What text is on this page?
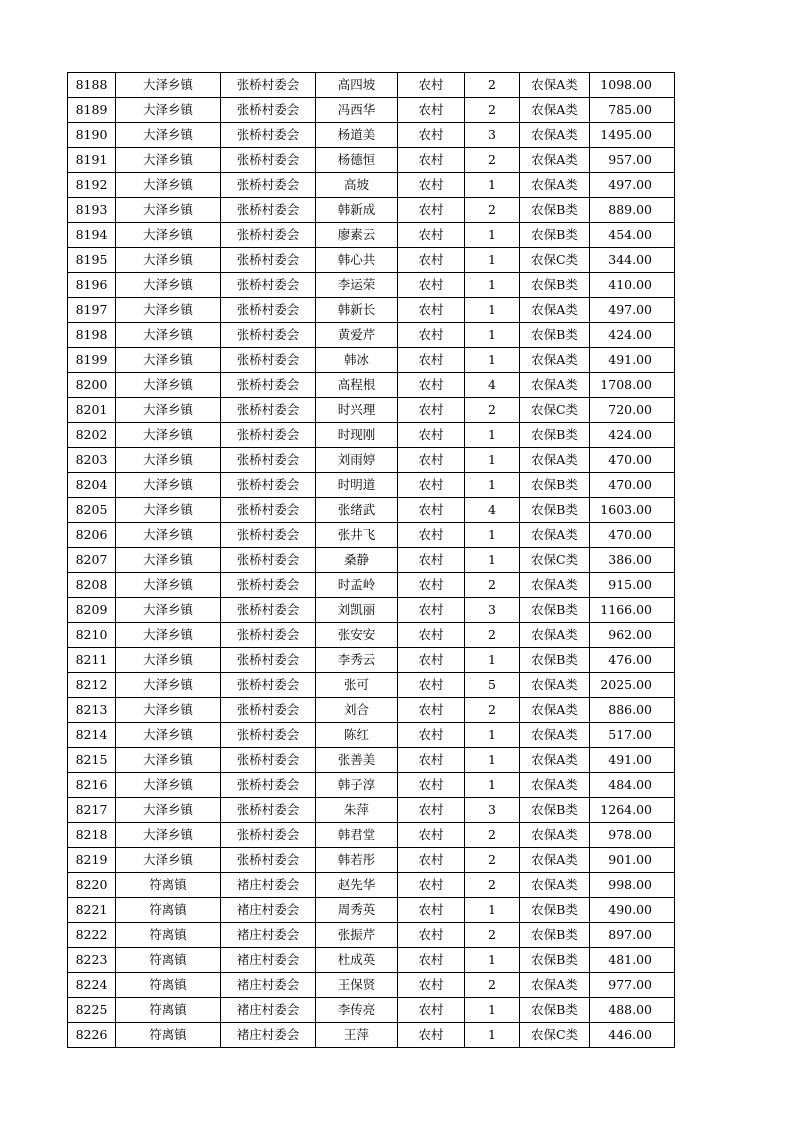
8188	大泽乡镇	张桥村委会	高四坡	农村	2	农保A类	1098.00
8189	大泽乡镇	张桥村委会	冯西华	农村	2	农保A类	785.00
8190	大泽乡镇	张桥村委会	杨道美	农村	3	农保A类	1495.00
8191	大泽乡镇	张桥村委会	杨德恒	农村	2	农保A类	957.00
8192	大泽乡镇	张桥村委会	高坡	农村	1	农保A类	497.00
8193	大泽乡镇	张桥村委会	韩新成	农村	2	农保B类	889.00
8194	大泽乡镇	张桥村委会	廖素云	农村	1	农保B类	454.00
8195	大泽乡镇	张桥村委会	韩心共	农村	1	农保C类	344.00
8196	大泽乡镇	张桥村委会	李运荣	农村	1	农保B类	410.00
8197	大泽乡镇	张桥村委会	韩新长	农村	1	农保A类	497.00
8198	大泽乡镇	张桥村委会	黄爱芹	农村	1	农保B类	424.00
8199	大泽乡镇	张桥村委会	韩冰	农村	1	农保A类	491.00
8200	大泽乡镇	张桥村委会	高程根	农村	4	农保A类	1708.00
8201	大泽乡镇	张桥村委会	时兴理	农村	2	农保C类	720.00
8202	大泽乡镇	张桥村委会	时现刚	农村	1	农保B类	424.00
8203	大泽乡镇	张桥村委会	刘雨婷	农村	1	农保A类	470.00
8204	大泽乡镇	张桥村委会	时明道	农村	1	农保B类	470.00
8205	大泽乡镇	张桥村委会	张绪武	农村	4	农保B类	1603.00
8206	大泽乡镇	张桥村委会	张井飞	农村	1	农保A类	470.00
8207	大泽乡镇	张桥村委会	桑静	农村	1	农保C类	386.00
8208	大泽乡镇	张桥村委会	时孟岭	农村	2	农保A类	915.00
8209	大泽乡镇	张桥村委会	刘凯丽	农村	3	农保B类	1166.00
8210	大泽乡镇	张桥村委会	张安安	农村	2	农保A类	962.00
8211	大泽乡镇	张桥村委会	李秀云	农村	1	农保B类	476.00
8212	大泽乡镇	张桥村委会	张可	农村	5	农保A类	2025.00
8213	大泽乡镇	张桥村委会	刘合	农村	2	农保A类	886.00
8214	大泽乡镇	张桥村委会	陈红	农村	1	农保A类	517.00
8215	大泽乡镇	张桥村委会	张善美	农村	1	农保A类	491.00
8216	大泽乡镇	张桥村委会	韩子淳	农村	1	农保A类	484.00
8217	大泽乡镇	张桥村委会	朱萍	农村	3	农保B类	1264.00
8218	大泽乡镇	张桥村委会	韩君堂	农村	2	农保A类	978.00
8219	大泽乡镇	张桥村委会	韩若彤	农村	2	农保A类	901.00
8220	符离镇	褚庄村委会	赵先华	农村	2	农保A类	998.00
8221	符离镇	褚庄村委会	周秀英	农村	1	农保B类	490.00
8222	符离镇	褚庄村委会	张振芹	农村	2	农保B类	897.00
8223	符离镇	褚庄村委会	杜成英	农村	1	农保B类	481.00
8224	符离镇	褚庄村委会	王保贤	农村	2	农保A类	977.00
8225	符离镇	褚庄村委会	李传亮	农村	1	农保B类	488.00
8226	符离镇	褚庄村委会	王萍	农村	1	农保C类	446.00
